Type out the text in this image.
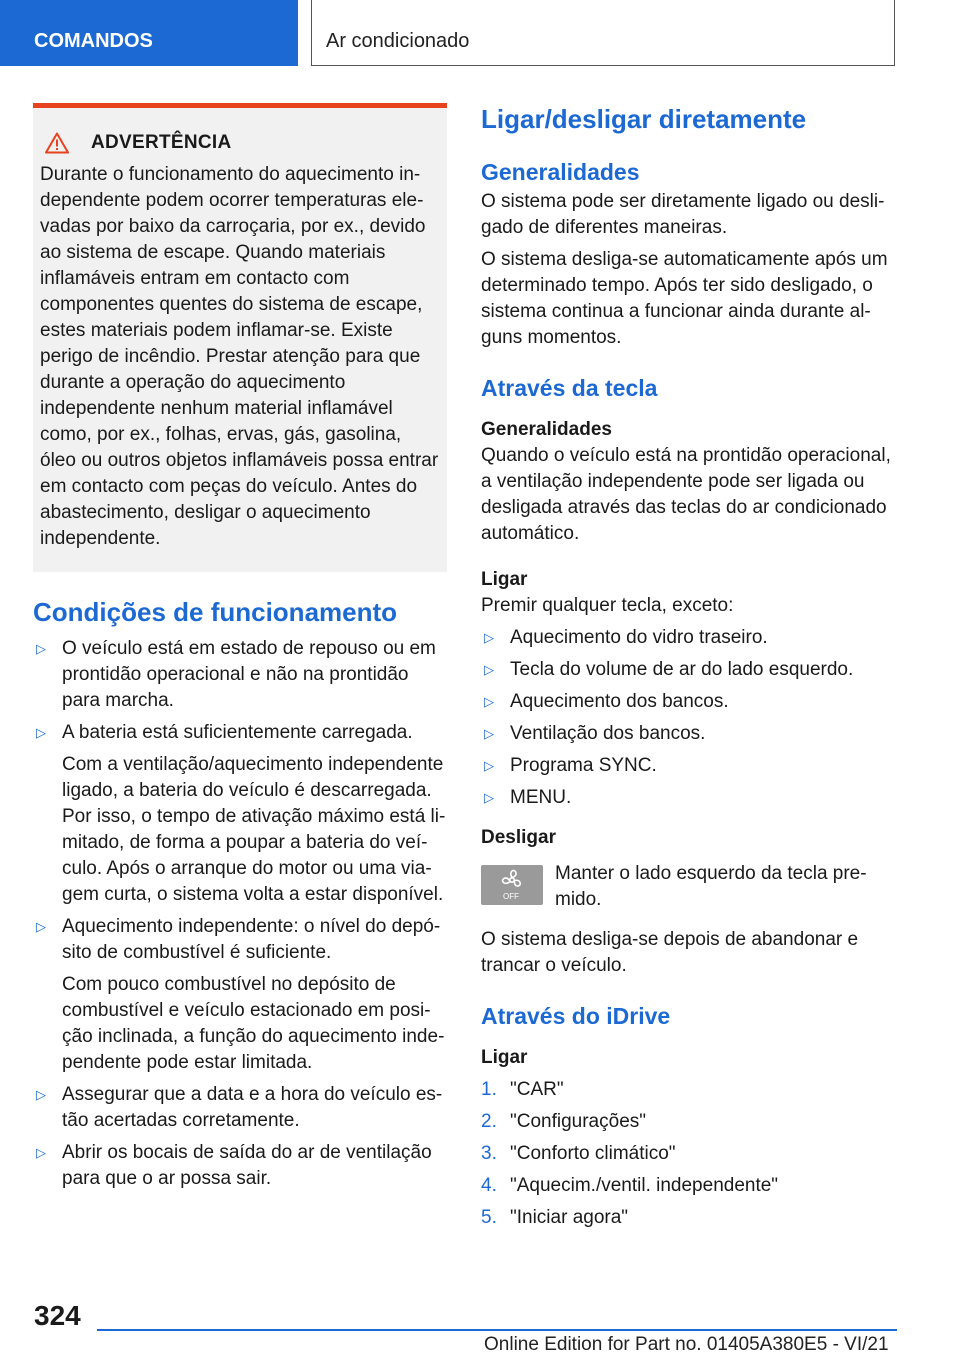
COMANDOS	Ar condicionado
ADVERTÊNCIA

Durante o funcionamento do aquecimento independente podem ocorrer temperaturas elevadas por baixo da carroçaria, por ex., devido ao sistema de escape. Quando materiais inflamáveis entram em contacto com componentes quentes do sistema de escape, estes materiais podem inflamar-se. Existe perigo de incêndio. Prestar atenção para que durante a operação do aquecimento independente nenhum material inflamável como, por ex., folhas, ervas, gás, gasolina, óleo ou outros objetos inflamáveis possa entrar em contacto com peças do veículo. Antes do abastecimento, desligar o aquecimento independente.

Condições de funcionamento
▷ O veículo está em estado de repouso ou em prontidão operacional e não na prontidão para marcha.
▷ A bateria está suficientemente carregada.
Com a ventilação/aquecimento independente ligado, a bateria do veículo é descarregada. Por isso, o tempo de ativação máximo está limitado, de forma a poupar a bateria do veículo. Após o arranque do motor ou uma viagem curta, o sistema volta a estar disponível.
▷ Aquecimento independente: o nível do depósito de combustível é suficiente.
Com pouco combustível no depósito de combustível e veículo estacionado em posição inclinada, a função do aquecimento independente pode estar limitada.
▷ Assegurar que a data e a hora do veículo estão acertadas corretamente.
▷ Abrir os bocais de saída do ar de ventilação para que o ar possa sair.
Ligar/desligar diretamente
Generalidades

O sistema pode ser diretamente ligado ou desligado de diferentes maneiras.

O sistema desliga-se automaticamente após um determinado tempo. Após ter sido desligado, o sistema continua a funcionar ainda durante alguns momentos.

Através da tecla
Generalidades

Quando o veículo está na prontidão operacional, a ventilação independente pode ser ligada ou desligada através das teclas do ar condicionado automático.

Ligar

Premir qualquer tecla, exceto:

▷ Aquecimento do vidro traseiro.
▷ Tecla do volume de ar do lado esquerdo.
▷ Aquecimento dos bancos.
▷ Ventilação dos bancos.
▷ Programa SYNC.
▷ MENU.
Desligar
OFF

Manter o lado esquerdo da tecla premido.

O sistema desliga-se depois de abandonar e trancar o veículo.

Através do iDrive
Ligar
1. "CAR"
2. "Configurações"
3. "Conforto climático"
4. "Aquecim./ventil. independente"
5. "Iniciar agora"
324
Online Edition for Part no. 01405A380E5 - VI/21
